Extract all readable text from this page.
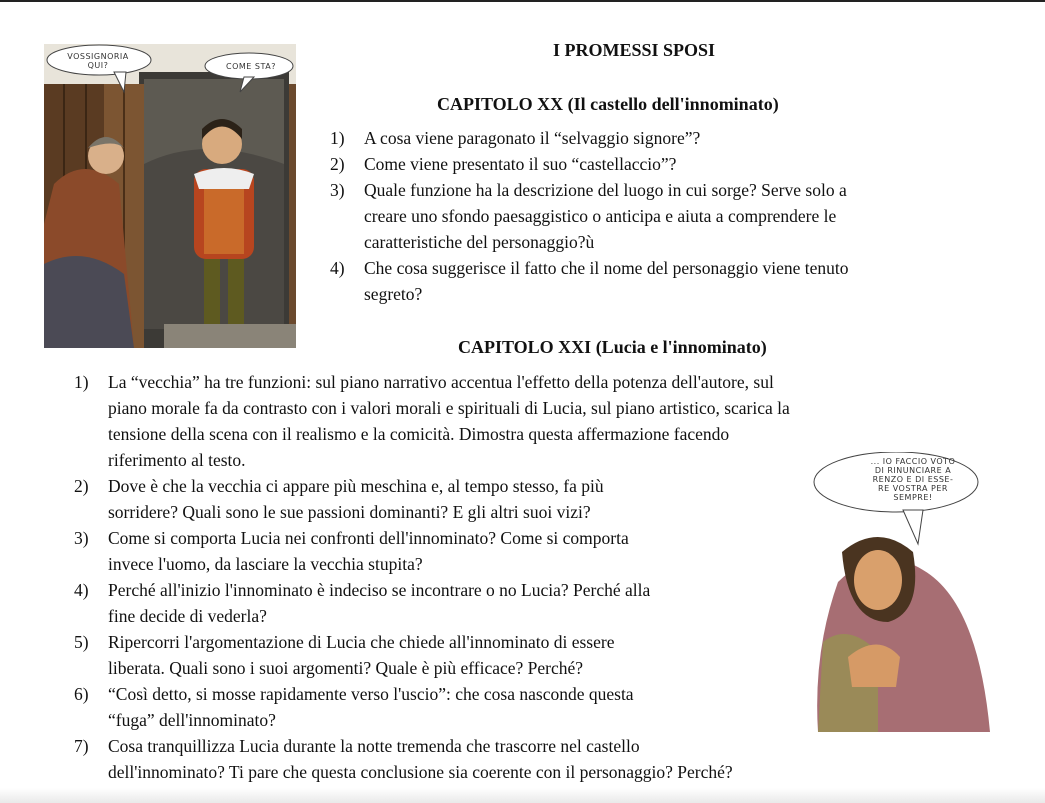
VOSSIGNORIA
QUI?	COME STA?
... IO FACCIO VOTO
DI RINUNCIARE A
RENZO E DI ESSE-
RE VOSTRA PER
SEMPRE!
I PROMESSI SPOSI
CAPITOLO XX (Il castello dell'innominato)
CAPITOLO XXI (Lucia e l'innominato)
1) A cosa viene paragonato il “selvaggio signore”?
2) Come viene presentato il suo “castellaccio”?
3) Quale funzione ha la descrizione del luogo in cui sorge? Serve solo a
creare uno sfondo paesaggistico o anticipa e aiuta a comprendere le
caratteristiche del personaggio?ù
4) Che cosa suggerisce il fatto che il nome del personaggio viene tenuto
segreto?
1) La “vecchia” ha tre funzioni: sul piano narrativo accentua l'effetto della potenza dell'autore, sul
piano morale fa da contrasto con i valori morali e spirituali di Lucia, sul piano artistico, scarica la
tensione della scena con il realismo e la comicità. Dimostra questa affermazione facendo
riferimento al testo.
2) Dove è che la vecchia ci appare più meschina e, al tempo stesso, fa più
sorridere? Quali sono le sue passioni dominanti? E gli altri suoi vizi?
3) Come si comporta Lucia nei confronti dell'innominato? Come si comporta
invece l'uomo, da lasciare la vecchia stupita?
4) Perché all'inizio l'innominato è indeciso se incontrare o no Lucia? Perché alla
fine decide di vederla?
5) Ripercorri l'argomentazione di Lucia che chiede all'innominato di essere
liberata. Quali sono i suoi argomenti? Quale è più efficace? Perché?
6) “Così detto, si mosse rapidamente verso l'uscio”: che cosa nasconde questa
“fuga” dell'innominato?
7) Cosa tranquillizza Lucia durante la notte tremenda che trascorre nel castello
dell'innominato? Ti pare che questa conclusione sia coerente con il personaggio? Perché?
